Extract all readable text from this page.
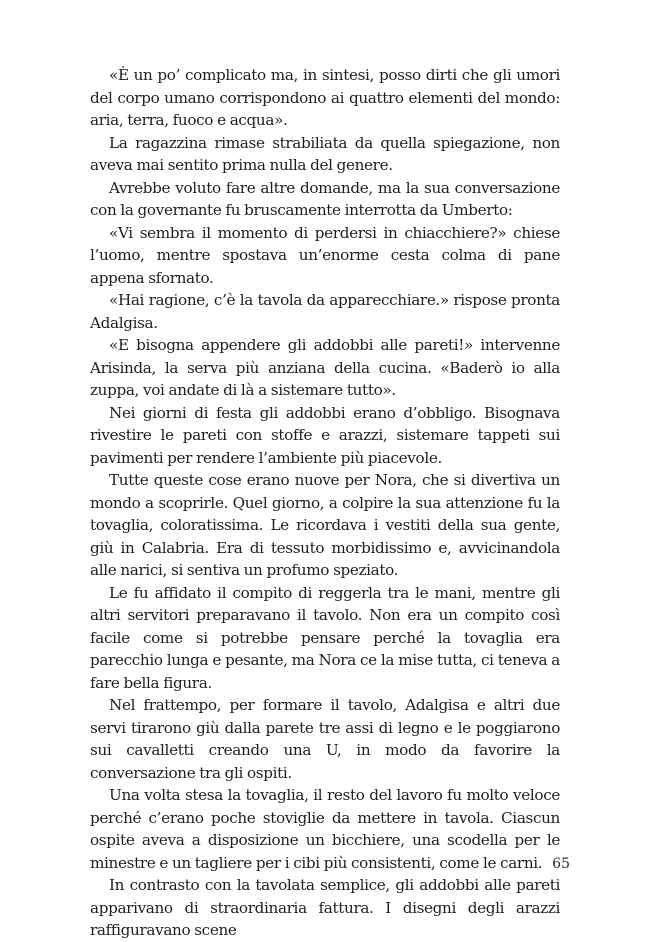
«È un po’ complicato ma, in sintesi, posso dirti che gli umori del corpo umano corrispondono ai quattro elementi del mondo: aria, terra, fuoco e acqua».

La ragazzina rimase strabiliata da quella spiegazione, non aveva mai sentito prima nulla del genere.

Avrebbe voluto fare altre domande, ma la sua conversazione con la governante fu bruscamente interrotta da Umberto:

«Vi sembra il momento di perdersi in chiacchiere?» chiese l’uomo, mentre spostava un’enorme cesta colma di pane appena sfornato.

«Hai ragione, c’è la tavola da apparecchiare.» rispose pronta Adalgisa.

«E bisogna appendere gli addobbi alle pareti!» intervenne Arisinda, la serva più anziana della cucina. «Baderò io alla zuppa, voi andate di là a sistemare tutto».

Nei giorni di festa gli addobbi erano d’obbligo. Bisognava rivestire le pareti con stoffe e arazzi, sistemare tappeti sui pavimenti per rendere l’ambiente più piacevole.

Tutte queste cose erano nuove per Nora, che si divertiva un mondo a scoprirle. Quel giorno, a colpire la sua attenzione fu la tovaglia, coloratissima. Le ricordava i vestiti della sua gente, giù in Calabria. Era di tessuto morbidissimo e, avvicinandola alle narici, si sentiva un profumo speziato.

Le fu affidato il compito di reggerla tra le mani, mentre gli altri servitori preparavano il tavolo. Non era un compito così facile come si potrebbe pensare perché la tovaglia era parecchio lunga e pesante, ma Nora ce la mise tutta, ci teneva a fare bella figura.

Nel frattempo, per formare il tavolo, Adalgisa e altri due servi tirarono giù dalla parete tre assi di legno e le poggiarono sui cavalletti creando una U, in modo da favorire la conversazione tra gli ospiti.

Una volta stesa la tovaglia, il resto del lavoro fu molto veloce perché c’erano poche stoviglie da mettere in tavola. Ciascun ospite aveva a disposizione un bicchiere, una scodella per le minestre e un tagliere per i cibi più consistenti, come le carni.

In contrasto con la tavolata semplice, gli addobbi alle pareti apparivano di straordinaria fattura. I disegni degli arazzi raffiguravano scene

65
